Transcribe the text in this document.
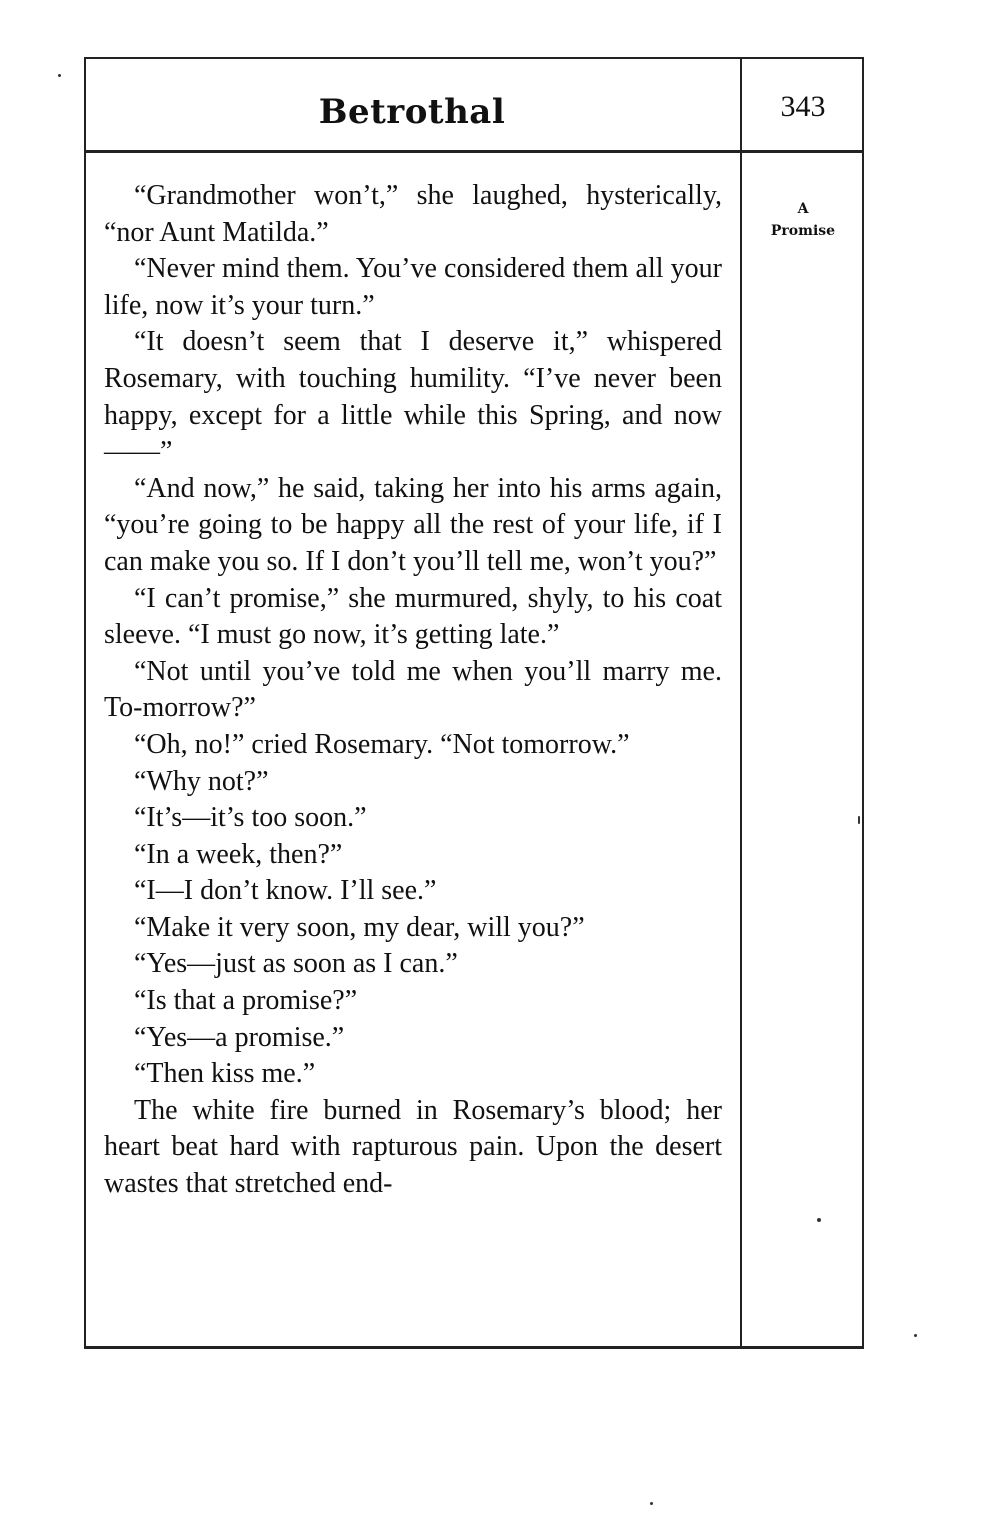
Betrothal	343
A
Promise

“Grandmother won’t,” she laughed, hysterically, “nor Aunt Matilda.”

“Never mind them. You’ve considered them all your life, now it’s your turn.”

“It doesn’t seem that I deserve it,” whispered Rosemary, with touching humility. “I’ve never been happy, except for a little while this Spring, and now——”

“And now,” he said, taking her into his arms again, “you’re going to be happy all the rest of your life, if I can make you so. If I don’t you’ll tell me, won’t you?”

“I can’t promise,” she murmured, shyly, to his coat sleeve. “I must go now, it’s getting late.”

“Not until you’ve told me when you’ll marry me. To-morrow?”

“Oh, no!” cried Rosemary. “Not tomorrow.”

“Why not?”

“It’s—it’s too soon.”

“In a week, then?”

“I—I don’t know. I’ll see.”

“Make it very soon, my dear, will you?”

“Yes—just as soon as I can.”

“Is that a promise?”

“Yes—a promise.”

“Then kiss me.”

The white fire burned in Rosemary’s blood; her heart beat hard with rapturous pain. Upon the desert wastes that stretched end-
